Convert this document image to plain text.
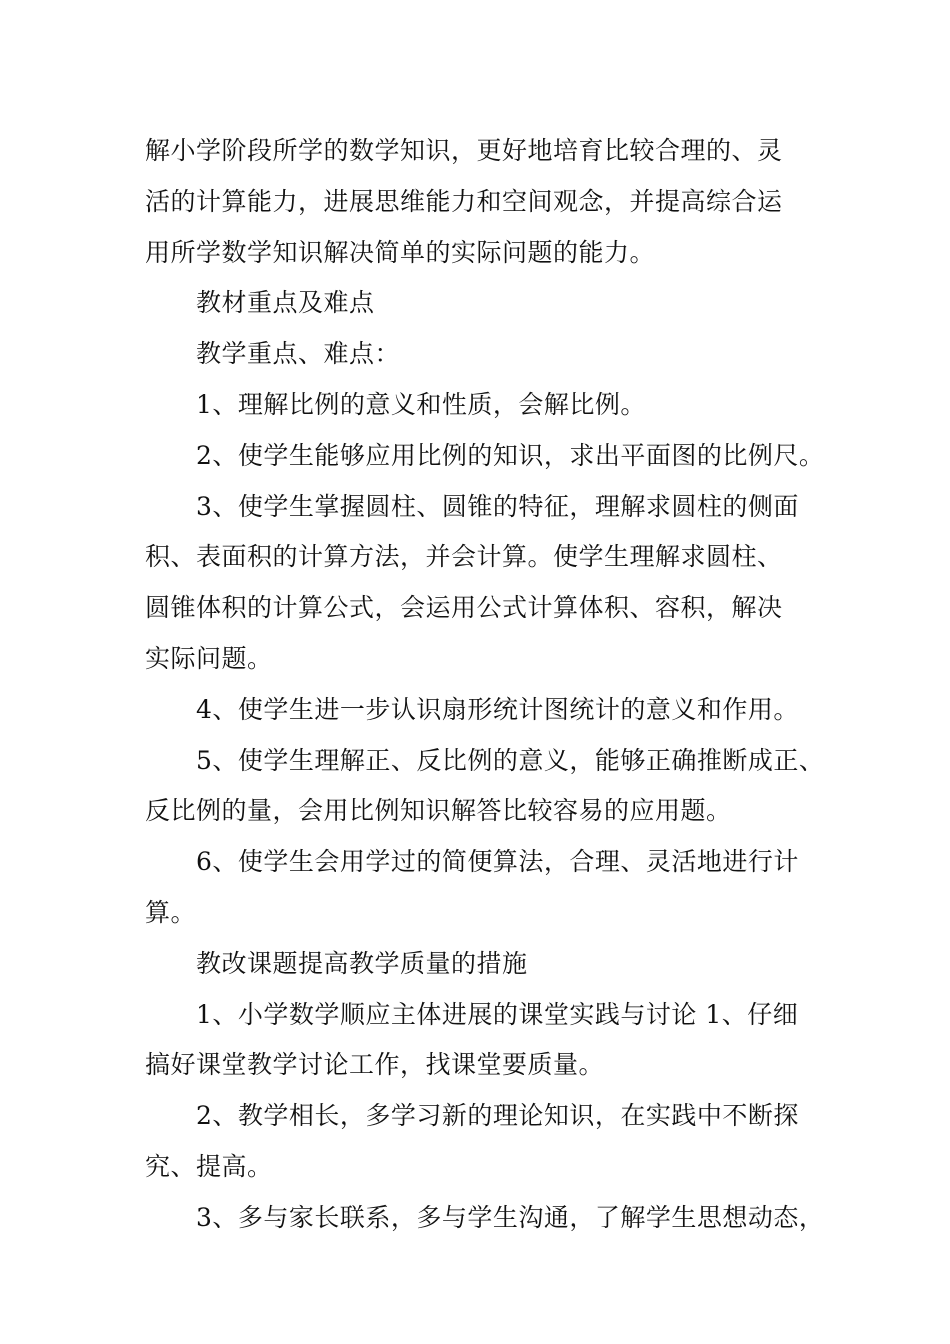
解小学阶段所学的数学知识，更好地培育比较合理的、灵
活的计算能力，进展思维能力和空间观念，并提高综合运
用所学数学知识解决简单的实际问题的能力。
教材重点及难点
教学重点、难点：
1、理解比例的意义和性质，会解比例。
2、使学生能够应用比例的知识，求出平面图的比例尺。
3、使学生掌握圆柱、圆锥的特征，理解求圆柱的侧面
积、表面积的计算方法，并会计算。使学生理解求圆柱、
圆锥体积的计算公式，会运用公式计算体积、容积，解决
实际问题。
4、使学生进一步认识扇形统计图统计的意义和作用。
5、使学生理解正、反比例的意义，能够正确推断成正、
反比例的量，会用比例知识解答比较容易的应用题。
6、使学生会用学过的简便算法，合理、灵活地进行计
算。
教改课题提高教学质量的措施
1、小学数学顺应主体进展的课堂实践与讨论 1、仔细
搞好课堂教学讨论工作，找课堂要质量。
2、教学相长，多学习新的理论知识，在实践中不断探
究、提高。
3、多与家长联系，多与学生沟通，了解学生思想动态，
